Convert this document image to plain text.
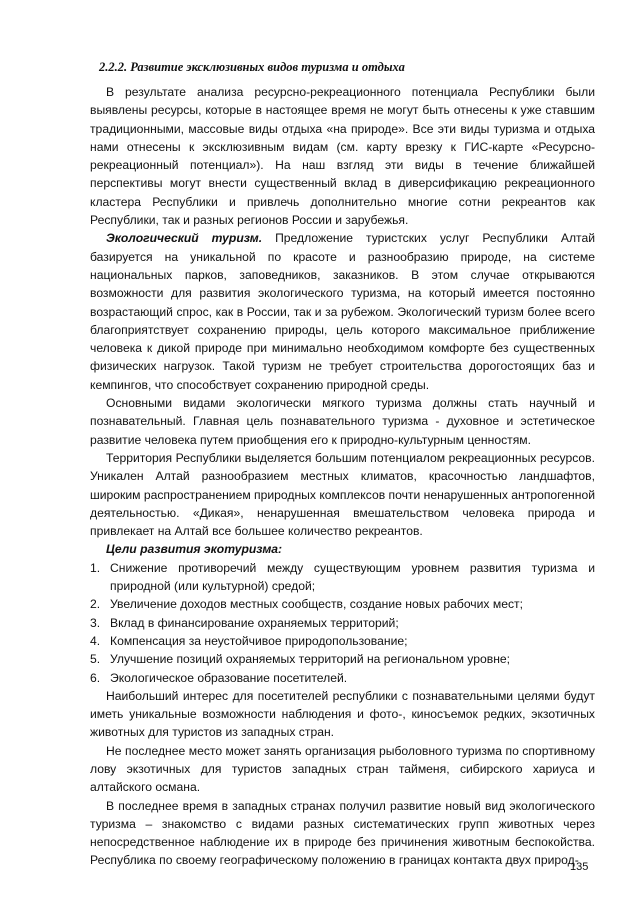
2.2.2. Развитие эксклюзивных видов туризма и отдыха

В результате анализа ресурсно-рекреационного потенциала Республики были выявлены ресурсы, которые в настоящее время не могут быть отнесены к уже ставшим традиционными, массовые виды отдыха «на природе». Все эти виды туризма и отдыха нами отнесены к эксклюзивным видам (см. карту врезку к ГИС-карте «Ресурсно-рекреационный потенциал»). На наш взгляд эти виды в течение ближайшей перспективы могут внести существенный вклад в диверсификацию рекреационного кластера Республики и привлечь дополнительно многие сотни рекреантов как Республики, так и разных регионов России и зарубежья.

Экологический туризм. Предложение туристских услуг Республики Алтай базируется на уникальной по красоте и разнообразию природе, на системе национальных парков, заповедников, заказников. В этом случае открываются возможности для развития экологического туризма, на который имеется постоянно возрастающий спрос, как в России, так и за рубежом. Экологический туризм более всего благоприятствует сохранению природы, цель которого максимальное приближение человека к дикой природе при минимально необходимом комфорте без существенных физических нагрузок. Такой туризм не требует строительства дорогостоящих баз и кемпингов, что способствует сохранению природной среды.

Основными видами экологически мягкого туризма должны стать научный и познавательный. Главная цель познавательного туризма - духовное и эстетическое развитие человека путем приобщения его к природно-культурным ценностям.

Территория Республики выделяется большим потенциалом рекреационных ресурсов. Уникален Алтай разнообразием местных климатов, красочностью ландшафтов, широким распространением природных комплексов почти ненарушенных антропогенной деятельностью. «Дикая», ненарушенная вмешательством человека природа и привлекает на Алтай все большее количество рекреантов.

Цели развития экотуризма:

1. Снижение противоречий между существующим уровнем развития туризма и природной (или культурной) средой;
2. Увеличение доходов местных сообществ, создание новых рабочих мест;
3. Вклад в финансирование охраняемых территорий;
4. Компенсация за неустойчивое природопользование;
5. Улучшение позиций охраняемых территорий на региональном уровне;
6. Экологическое образование посетителей.

Наибольший интерес для посетителей республики с познавательными целями будут иметь уникальные возможности наблюдения и фото-, киносъемок редких, экзотичных животных для туристов из западных стран.

Не последнее место может занять организация рыболовного туризма по спортивному лову экзотичных для туристов западных стран тайменя, сибирского хариуса и алтайского османа.

В последнее время в западных странах получил развитие новый вид экологического туризма – знакомство с видами разных систематических групп животных через непосредственное наблюдение их в природе без причинения животным беспокойства. Республика по своему географическому положению в границах контакта двух природ-

135
